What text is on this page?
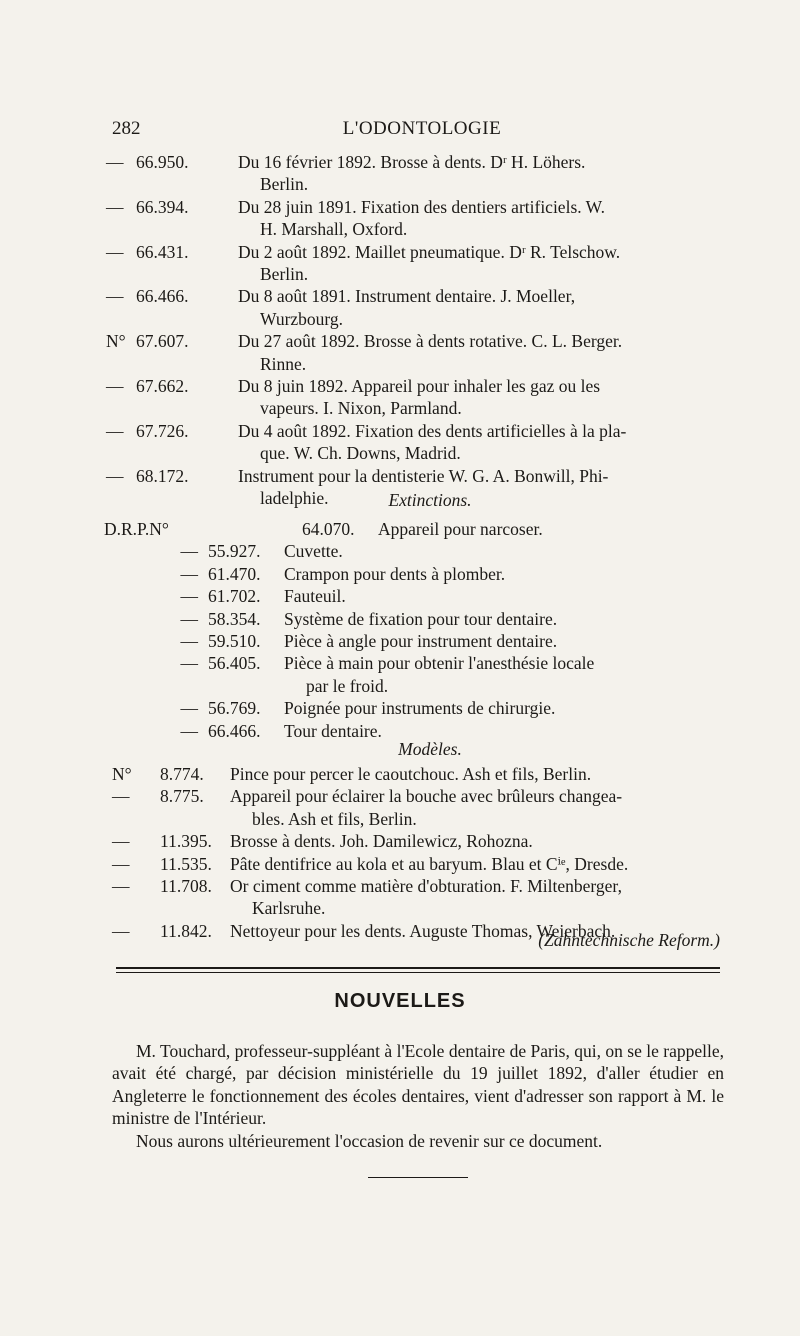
282	L'ODONTOLOGIE
— 66.950.	Du 16 février 1892. Brosse à dents. Dʳ H. Löhers.
Berlin.
— 66.394.	Du 28 juin 1891. Fixation des dentiers artificiels. W.
H. Marshall, Oxford.
— 66.431.	Du 2 août 1892. Maillet pneumatique. Dʳ R. Telschow.
Berlin.
— 66.466.	Du 8 août 1891. Instrument dentaire. J. Moeller,
Wurzbourg.
N° 67.607.	Du 27 août 1892. Brosse à dents rotative. C. L. Berger.
Rinne.
— 67.662.	Du 8 juin 1892. Appareil pour inhaler les gaz ou les
vapeurs. I. Nixon, Parmland.
— 67.726.	Du 4 août 1892. Fixation des dents artificielles à la pla-
que. W. Ch. Downs, Madrid.
— 68.172.	Instrument pour la dentisterie W. G. A. Bonwill, Phi-
ladelphie.	Extinctions.
D.R.P.N°	64.070.	Appareil pour narcoser.
— 55.927.	Cuvette.
— 61.470.	Crampon pour dents à plomber.
— 61.702.	Fauteuil.
— 58.354.	Système de fixation pour tour dentaire.
— 59.510.	Pièce à angle pour instrument dentaire.
— 56.405.	Pièce à main pour obtenir l'anesthésie locale
par le froid.
— 56.769.	Poignée pour instruments de chirurgie.
— 66.466.	Tour dentaire.
Modèles.
N°	8.774.	Pince pour percer le caoutchouc. Ash et fils, Berlin.
—	8.775.	Appareil pour éclairer la bouche avec brûleurs changea-
bles. Ash et fils, Berlin.
—	11.395.	Brosse à dents. Joh. Damilewicz, Rohozna.
—	11.535.	Pâte dentifrice au kola et au baryum. Blau et Cⁱᵉ, Dresde.
—	11.708.	Or ciment comme matière d'obturation. F. Miltenberger,
Karlsruhe.
—	11.842.	Nettoyeur pour les dents. Auguste Thomas, Weierbach.
(Zahntechnische Reform.)
NOUVELLES

M. Touchard, professeur-suppléant à l'Ecole dentaire de Paris, qui, on se le rappelle, avait été chargé, par décision ministérielle du 19 juillet 1892, d'aller étudier en Angleterre le fonctionnement des écoles dentaires, vient d'adresser son rapport à M. le ministre de l'Intérieur.

Nous aurons ultérieurement l'occasion de revenir sur ce document.
